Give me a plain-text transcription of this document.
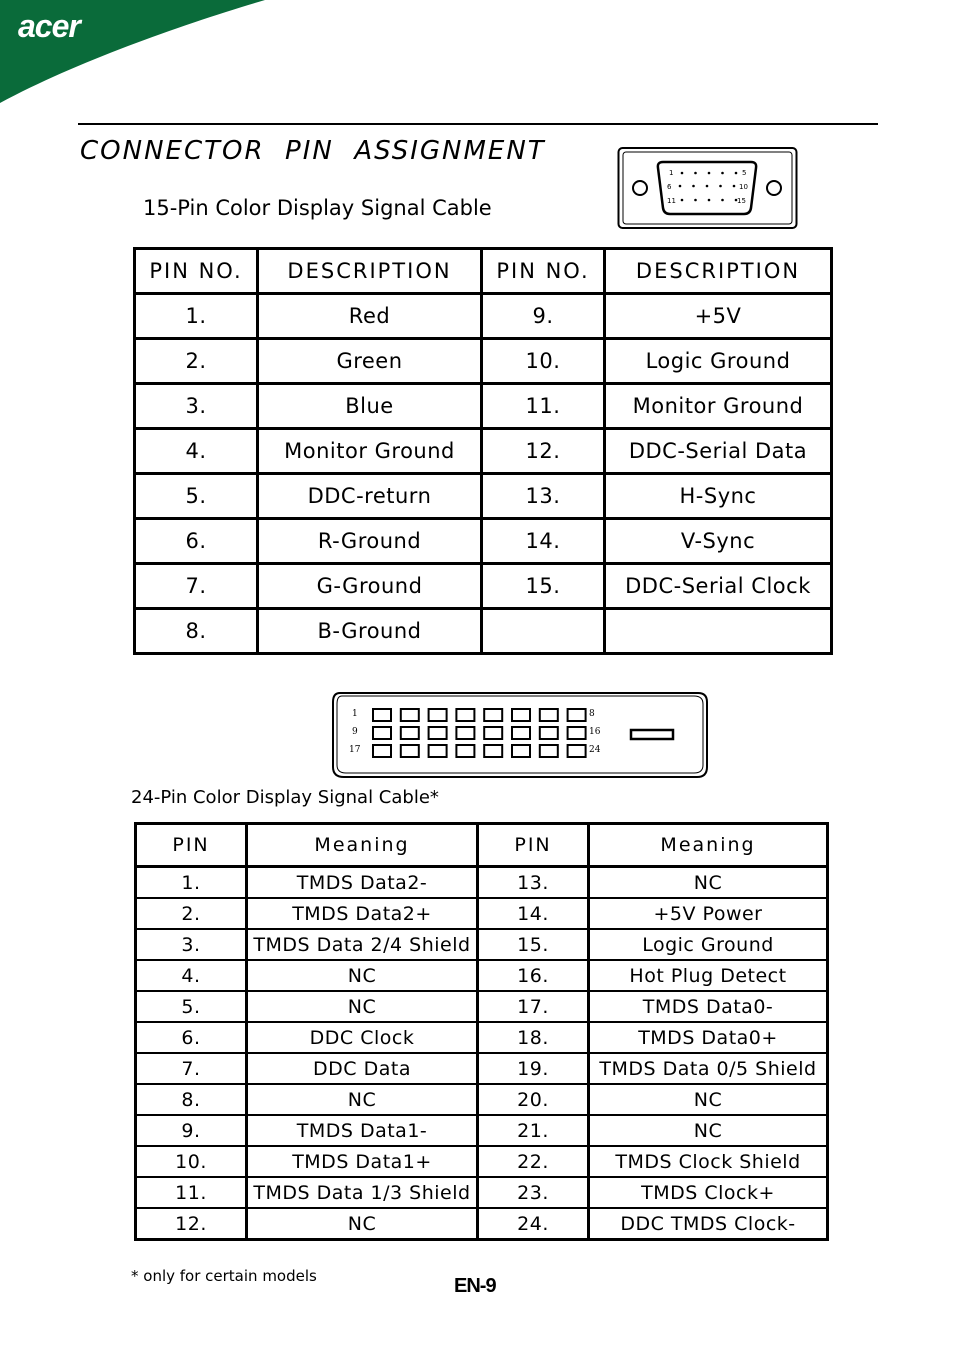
acer
CONNECTOR  PIN  ASSIGNMENT
15-Pin Color Display Signal Cable
1	5
6	10
11	15
PIN NO.	DESCRIPTION	PIN NO.	DESCRIPTION
1.	Red	9.	+5V
2.	Green	10.	Logic Ground
3.	Blue	11.	Monitor Ground
4.	Monitor Ground	12.	DDC-Serial Data
5.	DDC-return	13.	H-Sync
6.	R-Ground	14.	V-Sync
7.	G-Ground	15.	DDC-Serial Clock
8.	B-Ground		
1
9
17
8
16
24
24-Pin Color Display Signal Cable*
PIN	Meaning	PIN	Meaning
1.	TMDS Data2-	13.	NC
2.	TMDS Data2+	14.	+5V Power
3.	TMDS Data 2/4 Shield	15.	Logic Ground
4.	NC	16.	Hot Plug Detect
5.	NC	17.	TMDS Data0-
6.	DDC Clock	18.	TMDS Data0+
7.	DDC Data	19.	TMDS Data 0/5 Shield
8.	NC	20.	NC
9.	TMDS Data1-	21.	NC
10.	TMDS Data1+	22.	TMDS Clock Shield
11.	TMDS Data 1/3 Shield	23.	TMDS Clock+
12.	NC	24.	DDC TMDS Clock-
* only for certain models	EN-9
